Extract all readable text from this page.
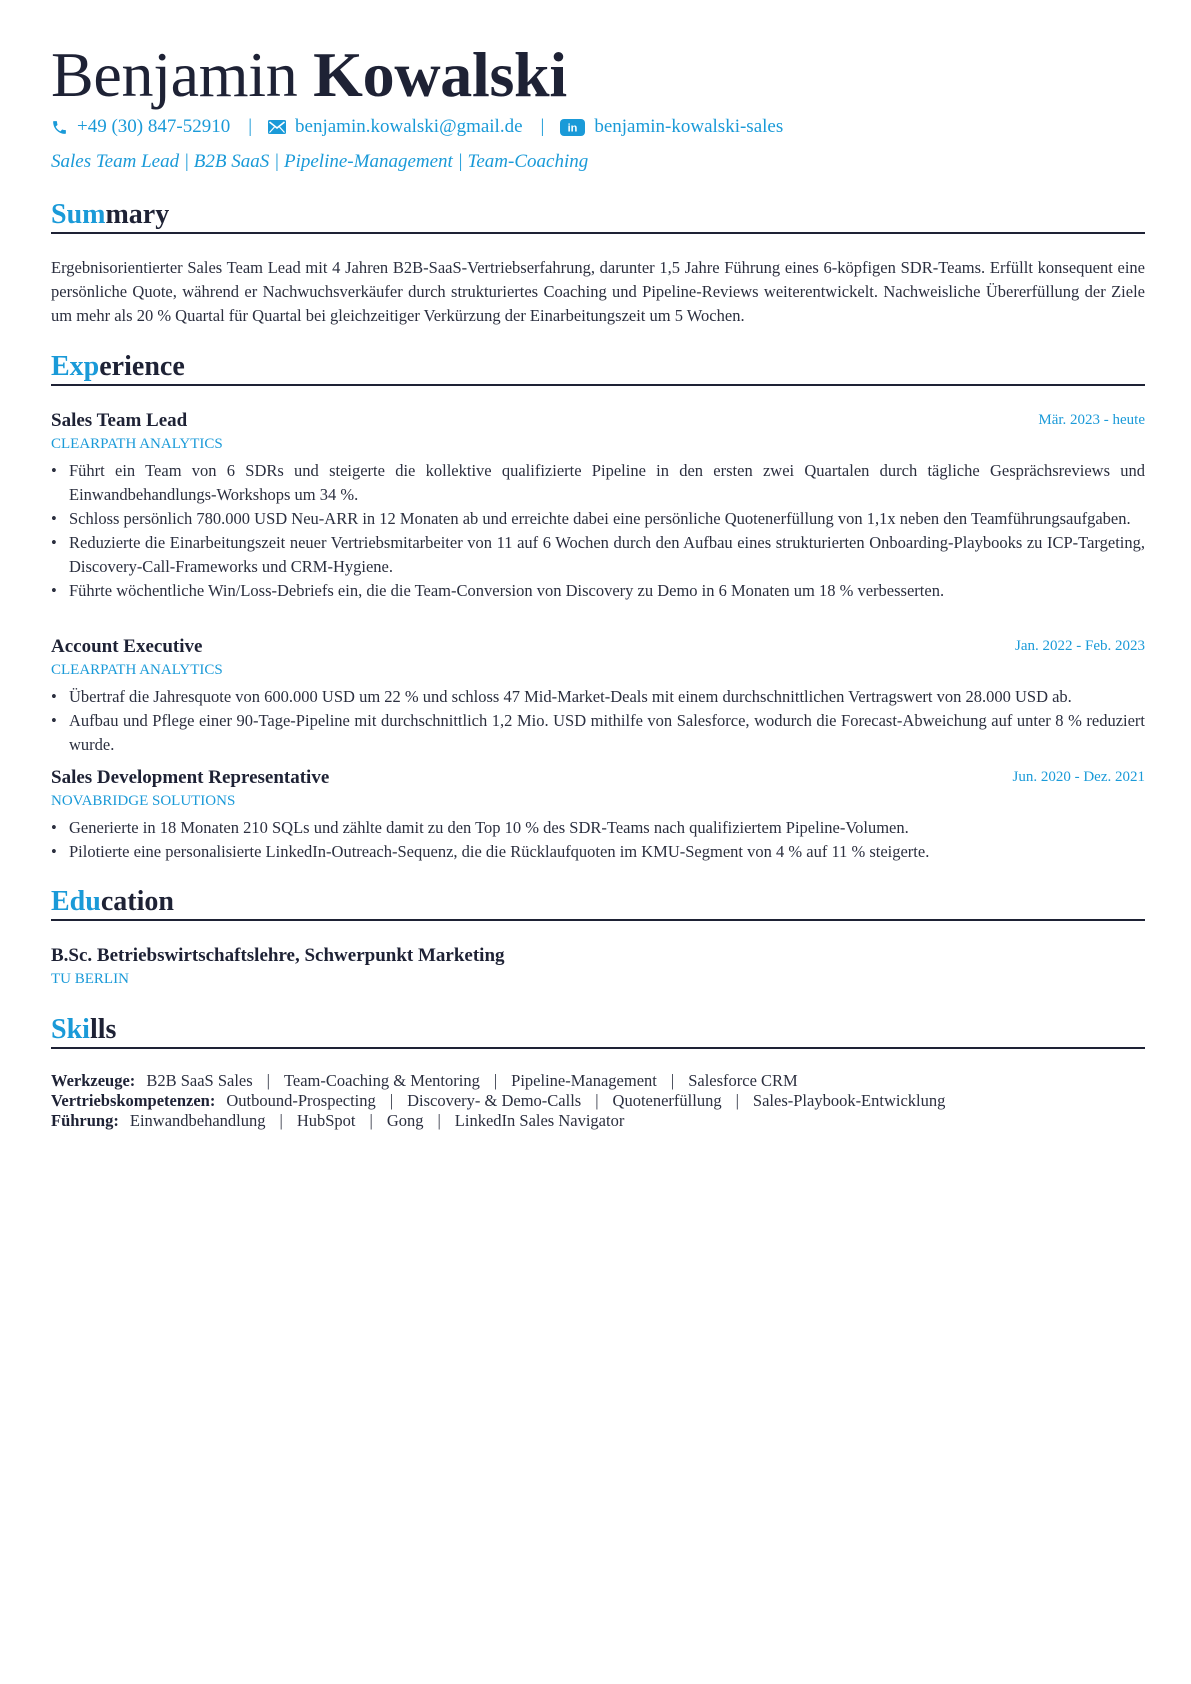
Benjamin Kowalski
+49 (30) 847-52910 | benjamin.kowalski@gmail.de | in benjamin-kowalski-sales
Sales Team Lead | B2B SaaS | Pipeline-Management | Team-Coaching
Summary

Ergebnisorientierter Sales Team Lead mit 4 Jahren B2B-SaaS-Vertriebserfahrung, darunter 1,5 Jahre Führung eines 6-köpfigen SDR-Teams. Erfüllt konsequent eine persönliche Quote, während er Nachwuchsverkäufer durch strukturiertes Coaching und Pipeline-Reviews weiterentwickelt. Nachweisliche Übererfüllung der Ziele um mehr als 20 % Quartal für Quartal bei gleichzeitiger Verkürzung der Einarbeitungszeit um 5 Wochen.

Experience
Sales Team Lead	Mär. 2023 - heute
CLEARPATH ANALYTICS
• Führt ein Team von 6 SDRs und steigerte die kollektive qualifizierte Pipeline in den ersten zwei Quartalen durch tägliche Gesprächsreviews und Einwandbehandlungs-Workshops um 34 %.
• Schloss persönlich 780.000 USD Neu-ARR in 12 Monaten ab und erreichte dabei eine persönliche Quotenerfüllung von 1,1x neben den Teamführungsaufgaben.
• Reduzierte die Einarbeitungszeit neuer Vertriebsmitarbeiter von 11 auf 6 Wochen durch den Aufbau eines strukturierten Onboarding-Playbooks zu ICP-Targeting, Discovery-Call-Frameworks und CRM-Hygiene.
• Führte wöchentliche Win/Loss-Debriefs ein, die die Team-Conversion von Discovery zu Demo in 6 Monaten um 18 % verbesserten.
Account Executive	Jan. 2022 - Feb. 2023
CLEARPATH ANALYTICS
• Übertraf die Jahresquote von 600.000 USD um 22 % und schloss 47 Mid-Market-Deals mit einem durchschnittlichen Vertragswert von 28.000 USD ab.
• Aufbau und Pflege einer 90-Tage-Pipeline mit durchschnittlich 1,2 Mio. USD mithilfe von Salesforce, wodurch die Forecast-Abweichung auf unter 8 % reduziert wurde.
Sales Development Representative	Jun. 2020 - Dez. 2021
NOVABRIDGE SOLUTIONS
• Generierte in 18 Monaten 210 SQLs und zählte damit zu den Top 10 % des SDR-Teams nach qualifiziertem Pipeline-Volumen.
• Pilotierte eine personalisierte LinkedIn-Outreach-Sequenz, die die Rücklaufquoten im KMU-Segment von 4 % auf 11 % steigerte.
Education
B.Sc. Betriebswirtschaftslehre, Schwerpunkt Marketing
TU BERLIN
Skills
Werkzeuge: B2B SaaS Sales | Team-Coaching & Mentoring | Pipeline-Management | Salesforce CRM
Vertriebskompetenzen: Outbound-Prospecting | Discovery- & Demo-Calls | Quotenerfüllung | Sales-Playbook-Entwicklung
Führung: Einwandbehandlung | HubSpot | Gong | LinkedIn Sales Navigator
